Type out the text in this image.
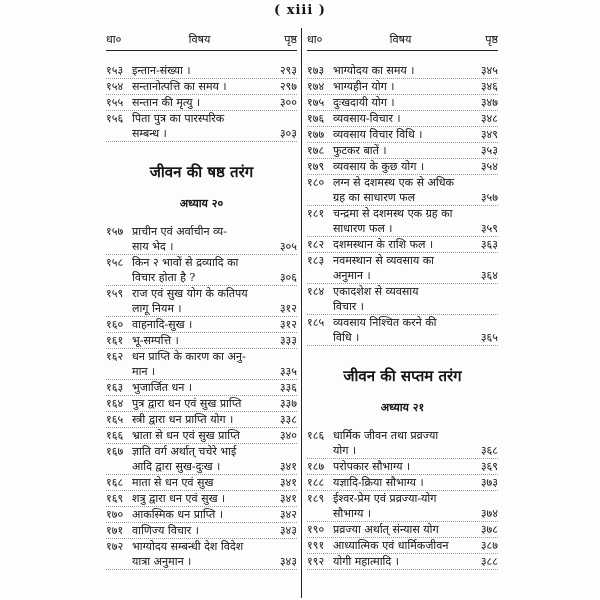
( xiii )
धा०	विषय	पृष्ठ
१५३ इन्तान-संख्या ।	२९३
१५४ सन्तानोत्पत्ति का समय ।	२९७
१५५ सन्तान की मृत्यु ।	३००
१५६ पिता पुत्र का पारस्परिक
सम्बन्ध ।	३०३
जीवन की षष्ठ तरंग
अध्याय २०
१५७ प्राचीन एवं अर्वाचीन व्य-
साय भेद ।	३०५
१५८ किन २ भावों से द्रव्यादि का
विचार होता है ?	३०६
१५९ राज एवं सुख योग के कतिपय
लागू नियम ।	३१२
१६० वाहनादि-सुख ।	३१२
१६१ भू-सम्पत्ति ।	३३३
१६२ धन प्राप्ति के कारण का अनु-
मान ।	३३५
१६३ भुजार्जित धन ।	३३६
१६४ पुत्र द्वारा धन एवं सुख प्राप्ति	३३७
१६५ स्त्री द्वारा धन प्राप्ति योग ।	३३८
१६६ भ्राता से धन एवं सुख प्राप्ति	३४०
१६७ ज्ञाति वर्ग अर्थात् चचेरे भाई
आदि द्वारा सुख-दुःख ।	३४१
१६८ माता से धन एवं सुख	३४१
१६९ शत्रु द्वारा धन एवं सुख ।	३४१
१७० आकस्मिक धन प्राप्ति ।	३४२
१७१ वाणिज्य विचार ।	३४३
१७२ भाग्योदय सम्बन्धी देश विदेश
यात्रा अनुमान ।	३४३
धा०	विषय	पृष्ठ
१७३ भाग्योदय का समय ।	३४५
१७४ भाग्यहीन योग ।	३४६
१७५ दुःखदायी योग ।	३४७
१७६ व्यवसाय-विचार ।	३४८
१७७ व्यवसाय विचार विधि ।	३४९
१७८ फुटकर बातें ।	३५३
१७९ व्यवसाय के कुछ योग ।	३५४
१८० लग्न से दशमस्थ एक से अधिक
ग्रह का साधारण फल	३५७
१८१ चन्द्रमा से दशमस्थ एक ग्रह का
साधारण फल ।	३५९
१८२ दशमस्थान के राशि फल ।	३६३
१८३ नवमस्थान से व्यवसाय का
अनुमान ।	३६४
१८४ एकादशेश से व्यवसाय
विचार ।
१८५ व्यवसाय निश्चित करने की
विधि ।	३६५
जीवन की सप्तम तरंग
अध्याय २१
१८६ धार्मिक जीवन तथा प्रव्रज्या
योग ।	३६८
१८७ परोपकार सौभाग्य ।	३६९
१८८ यज्ञादि-क्रिया सौभाग्य ।	३७३
१८९ ईश्वर-प्रेम एवं प्रव्रज्या-योग
सौभाग्य ।	३७४
१९० प्रव्रज्या अर्थात् संन्यास योग	३७८
१९१ आध्यात्मिक एवं धार्मिकजीवन	३८७
१९२ योगी महात्मादि ।	३८८
